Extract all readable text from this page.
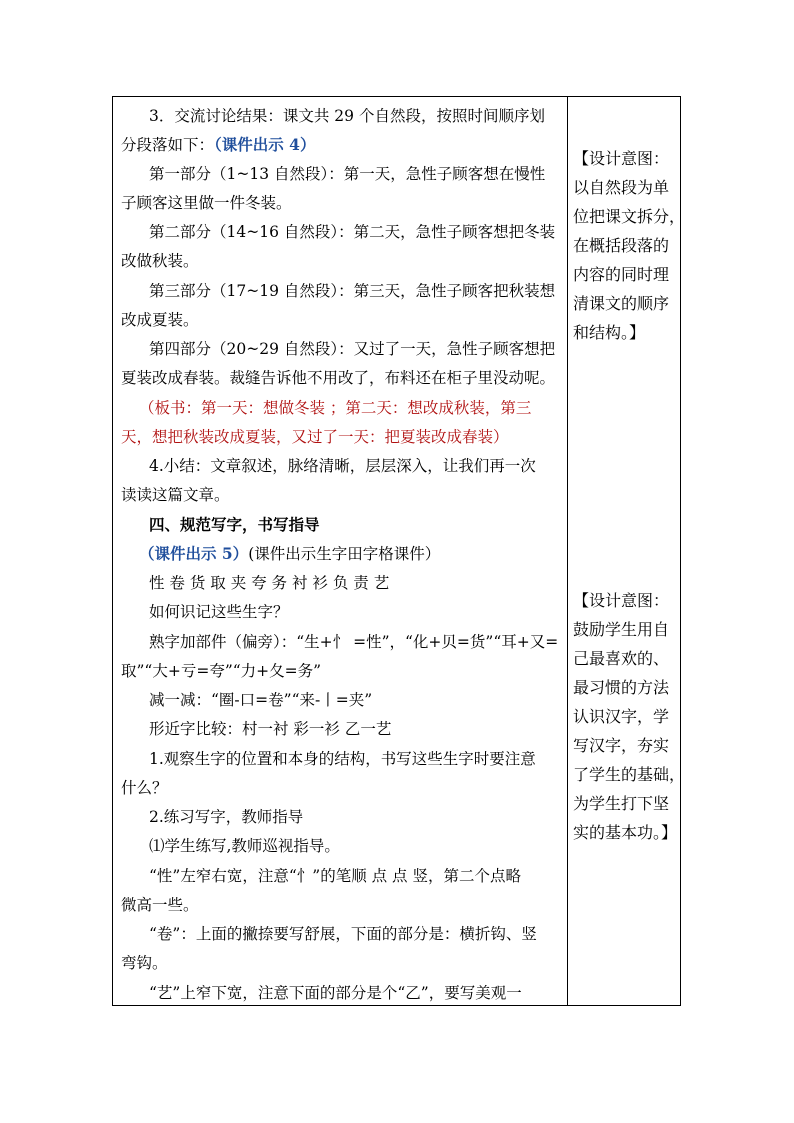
3．交流讨论结果：课文共 29 个自然段，按照时间顺序划
分段落如下：（课件出示 4）
第一部分（1~13 自然段）：第一天，急性子顾客想在慢性
子顾客这里做一件冬装。
第二部分（14~16 自然段）：第二天，急性子顾客想把冬装
改做秋装。
第三部分（17~19 自然段）：第三天，急性子顾客把秋装想
改成夏装。
第四部分（20~29 自然段）：又过了一天，急性子顾客想把
夏装改成春装。裁缝告诉他不用改了，布料还在柜子里没动呢。
（板书：第一天：想做冬装 ；第二天：想改成秋装，第三
天，想把秋装改成夏装，又过了一天：把夏装改成春装）
4.小结：文章叙述，脉络清晰，层层深入，让我们再一次
读读这篇文章。
四、规范写字，书写指导
（课件出示 5）(课件出示生字田字格课件）
性 卷 货 取 夹 夸 务 衬 衫 负 责 艺
如何识记这些生字？
熟字加部件（偏旁）：“生+忄 =性”，“化+贝=货”“耳+又=
取”“大+亏=夸”“力+夂=务”
减一减：“圈-口=卷”“来-丨=夹”
形近字比较：村一衬 彩一衫 乙一艺
1.观察生字的位置和本身的结构，书写这些生字时要注意
什么？
2.练习写字，教师指导
⑴学生练写,教师巡视指导。
“性”左窄右宽，注意“忄”的笔顺 点 点 竖，第二个点略
微高一些。
“卷”：上面的撇捺要写舒展，下面的部分是：横折钩、竖
弯钩。
“艺”上窄下宽，注意下面的部分是个“乙”，要写美观一
【设计意图：
以自然段为单
位把课文拆分，
在概括段落的
内容的同时理
清课文的顺序
和结构。】
【设计意图：
鼓励学生用自
己最喜欢的、
最习惯的方法
认识汉字，学
写汉字，夯实
了学生的基础，
为学生打下坚
实的基本功。】
